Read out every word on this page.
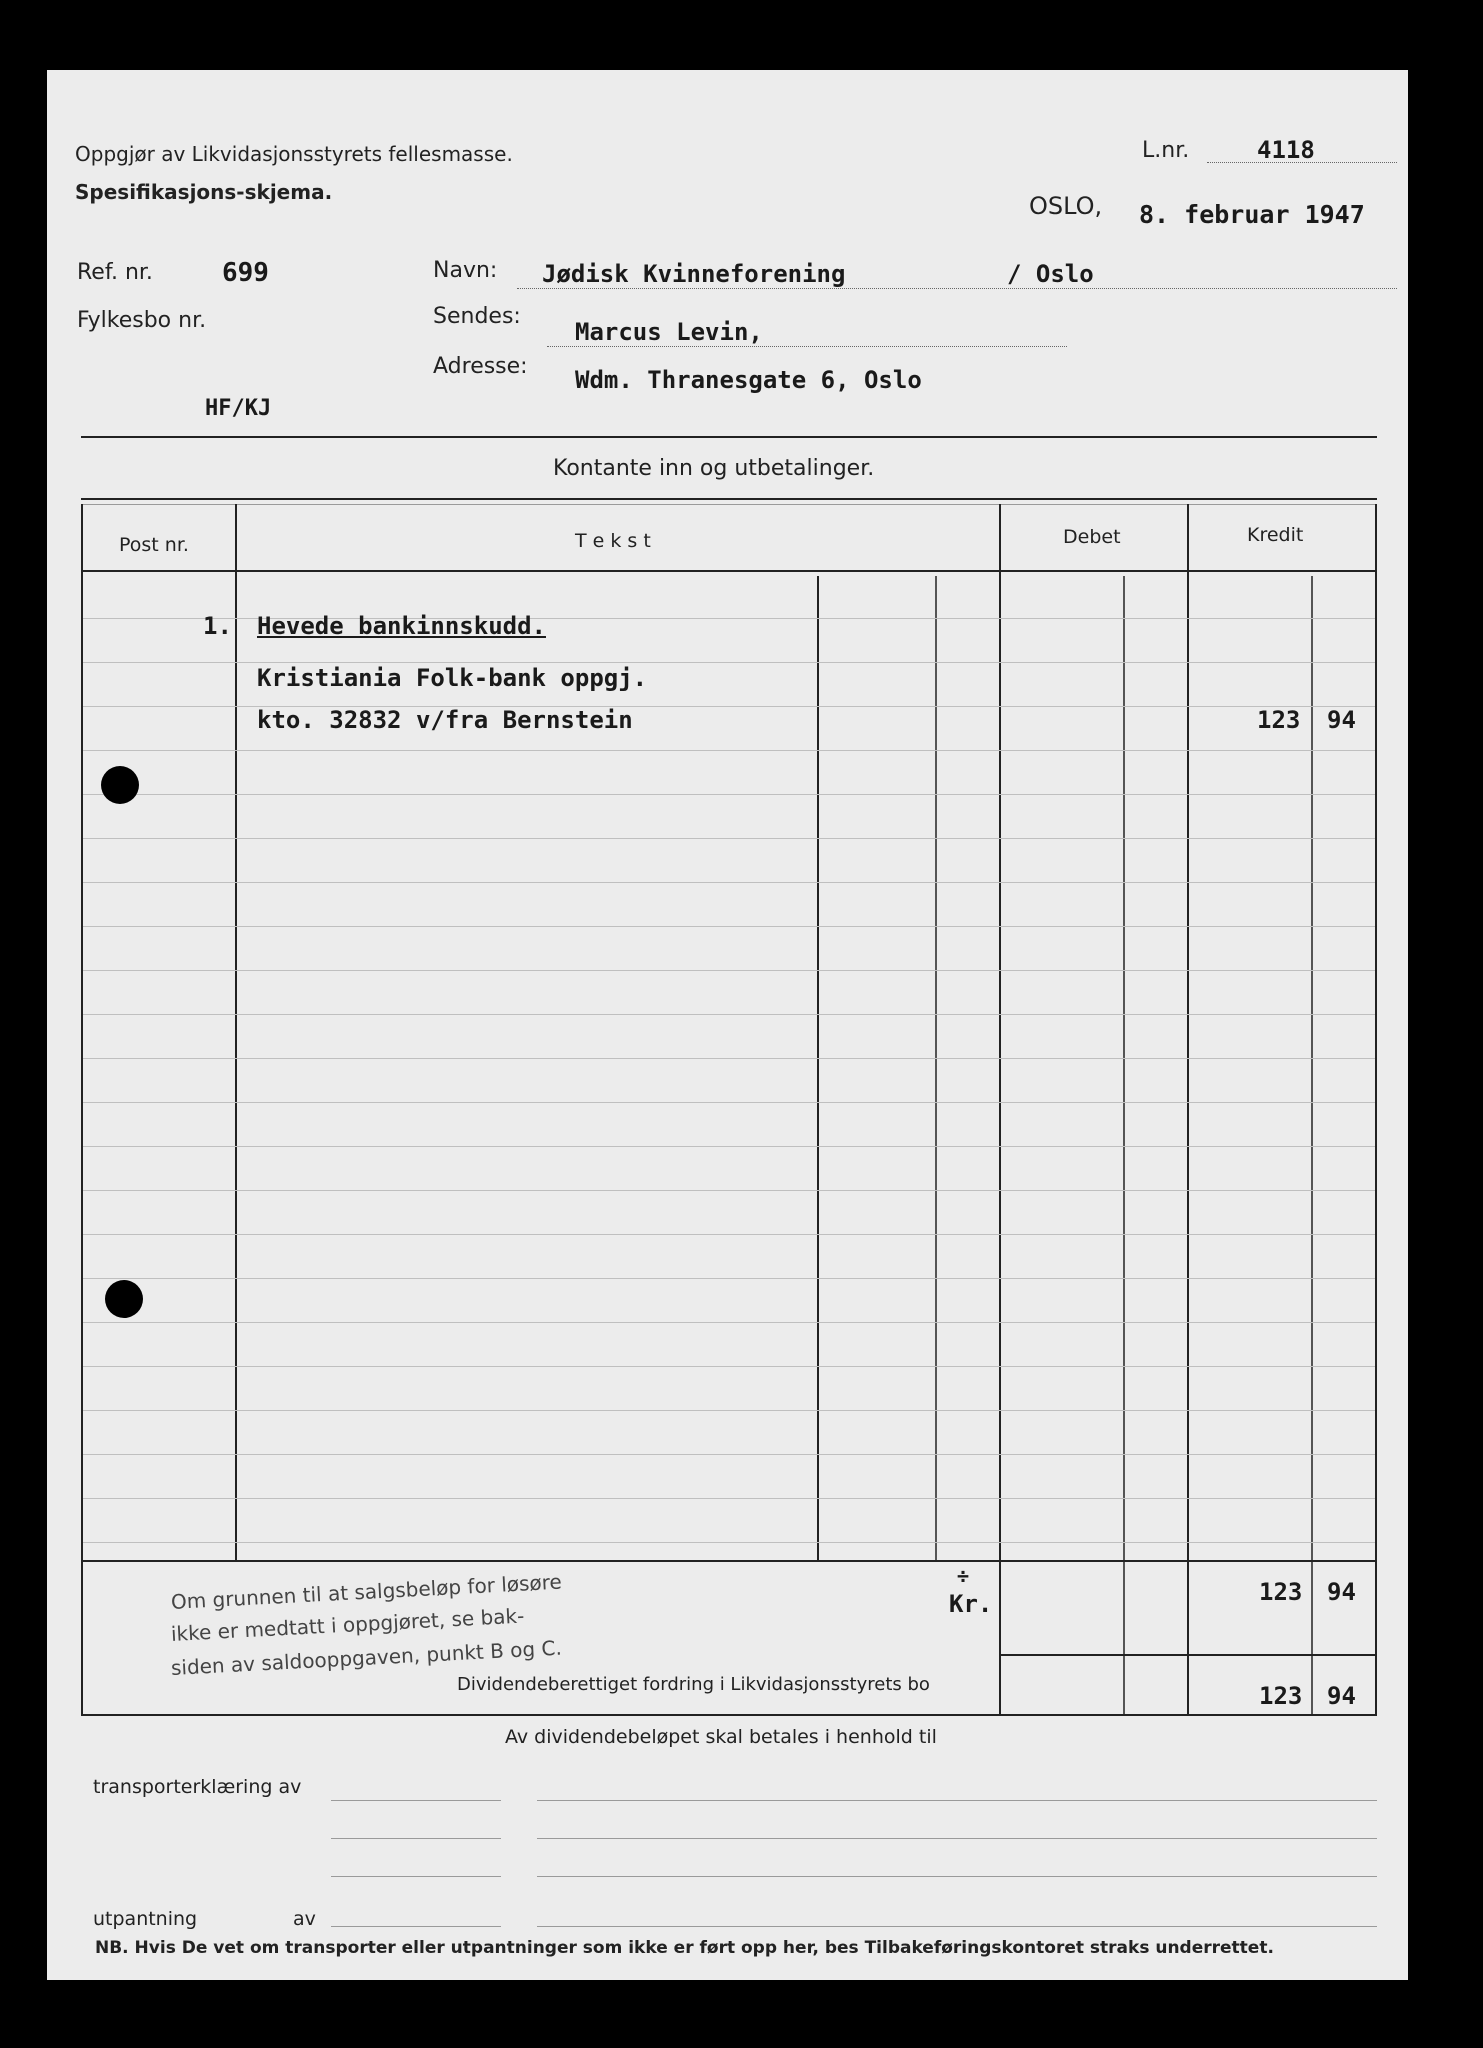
Oppgjør av Likvidasjonsstyrets fellesmasse.
Spesifikasjons-skjema.
L.nr.	4118
OSLO, 8. februar 1947
Ref. nr.	699
Fylkesbo nr.
HF/KJ
Navn: Jødisk Kvinneforening	/ Oslo
Sendes:
Marcus Levin,
Adresse: Wdm. Thranesgate 6, Oslo
Kontante inn og utbetalinger.
Post nr.	T e k s t	Debet	Kredit
1. Hevede bankinnskudd.
Kristiania Folk-bank oppgj.
kto. 32832 v/fra Bernstein	123 94
Om grunnen til at salgsbeløp for løsøre
ikke er medtatt i oppgjøret, se bak-
siden av saldooppgaven, punkt B og C.
÷
Kr.	123 94
Dividendeberettiget fordring i Likvidasjonsstyrets bo	123 94
Av dividendebeløpet skal betales i henhold til
transporterklæring av
utpantning	av
NB. Hvis De vet om transporter eller utpantninger som ikke er ført opp her, bes Tilbakeføringskontoret straks underrettet.
